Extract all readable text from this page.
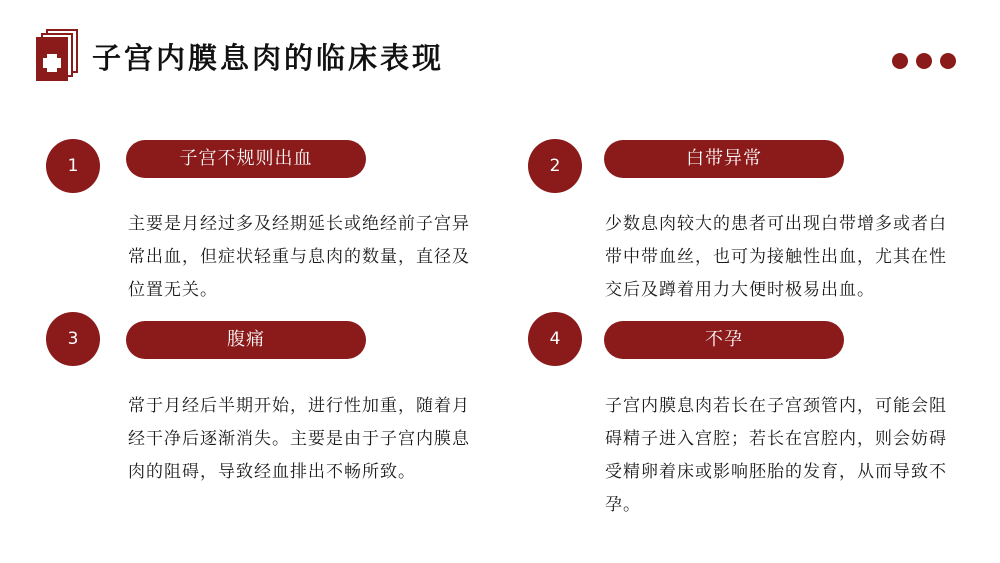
子宫内膜息肉的临床表现
1	子宫不规则出血
主要是月经过多及经期延长或绝经前子宫异常出血，但症状轻重与息肉的数量，直径及位置无关。
2	白带异常
少数息肉较大的患者可出现白带增多或者白带中带血丝，也可为接触性出血，尤其在性交后及蹲着用力大便时极易出血。
3	腹痛
常于月经后半期开始，进行性加重，随着月经干净后逐渐消失。主要是由于子宫内膜息肉的阻碍，导致经血排出不畅所致。
4	不孕
子宫内膜息肉若长在子宫颈管内，可能会阻碍精子进入宫腔；若长在宫腔内，则会妨碍受精卵着床或影响胚胎的发育，从而导致不孕。
